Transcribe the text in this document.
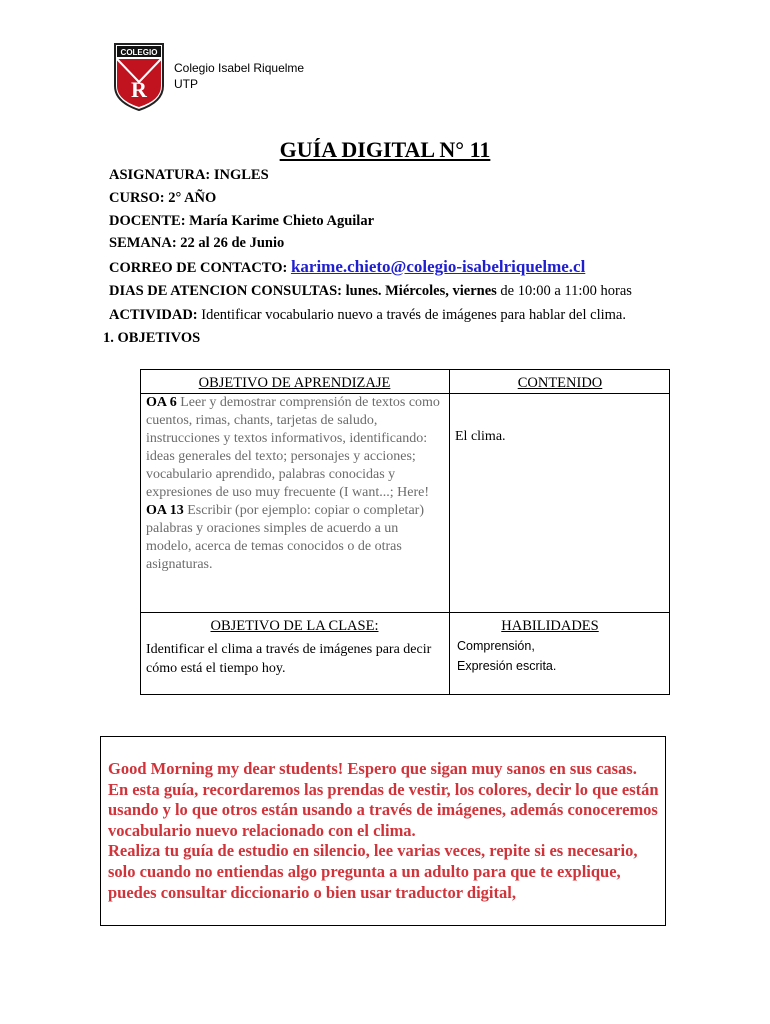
COLEGIO
R
Colegio Isabel Riquelme
UTP
GUÍA DIGITAL N° 11
ASIGNATURA: INGLES
CURSO: 2° AÑO
DOCENTE: María Karime Chieto Aguilar
SEMANA: 22 al 26 de Junio
CORREO DE CONTACTO: karime.chieto@colegio-isabelriquelme.cl
DIAS DE ATENCION CONSULTAS: lunes. Miércoles, viernes de 10:00 a 11:00 horas
ACTIVIDAD: Identificar vocabulario nuevo a través de imágenes para hablar del clima.
1. OBJETIVOS
OBJETIVO DE APRENDIZAJE	CONTENIDO
OA 6 Leer y demostrar comprensión de textos como cuentos, rimas, chants, tarjetas de saludo, instrucciones y textos informativos, identificando: ideas generales del texto; personajes y acciones; vocabulario aprendido, palabras conocidas y expresiones de uso muy frecuente (I want...; Here!
OA 13 Escribir (por ejemplo: copiar o completar) palabras y oraciones simples de acuerdo a un modelo, acerca de temas conocidos o de otras asignaturas.
El clima.
OBJETIVO DE LA CLASE:	HABILIDADES
Identificar el clima a través de imágenes para decir cómo está el tiempo hoy.
Comprensión,
Expresión escrita.
Good Morning my dear students! Espero que sigan muy sanos en sus casas. En esta guía, recordaremos las prendas de vestir, los colores, decir lo que están usando y lo que otros están usando a través de imágenes, además conoceremos vocabulario nuevo relacionado con el clima.
Realiza tu guía de estudio en silencio, lee varias veces, repite si es necesario, solo cuando no entiendas algo pregunta a un adulto para que te explique, puedes consultar diccionario o bien usar traductor digital,
